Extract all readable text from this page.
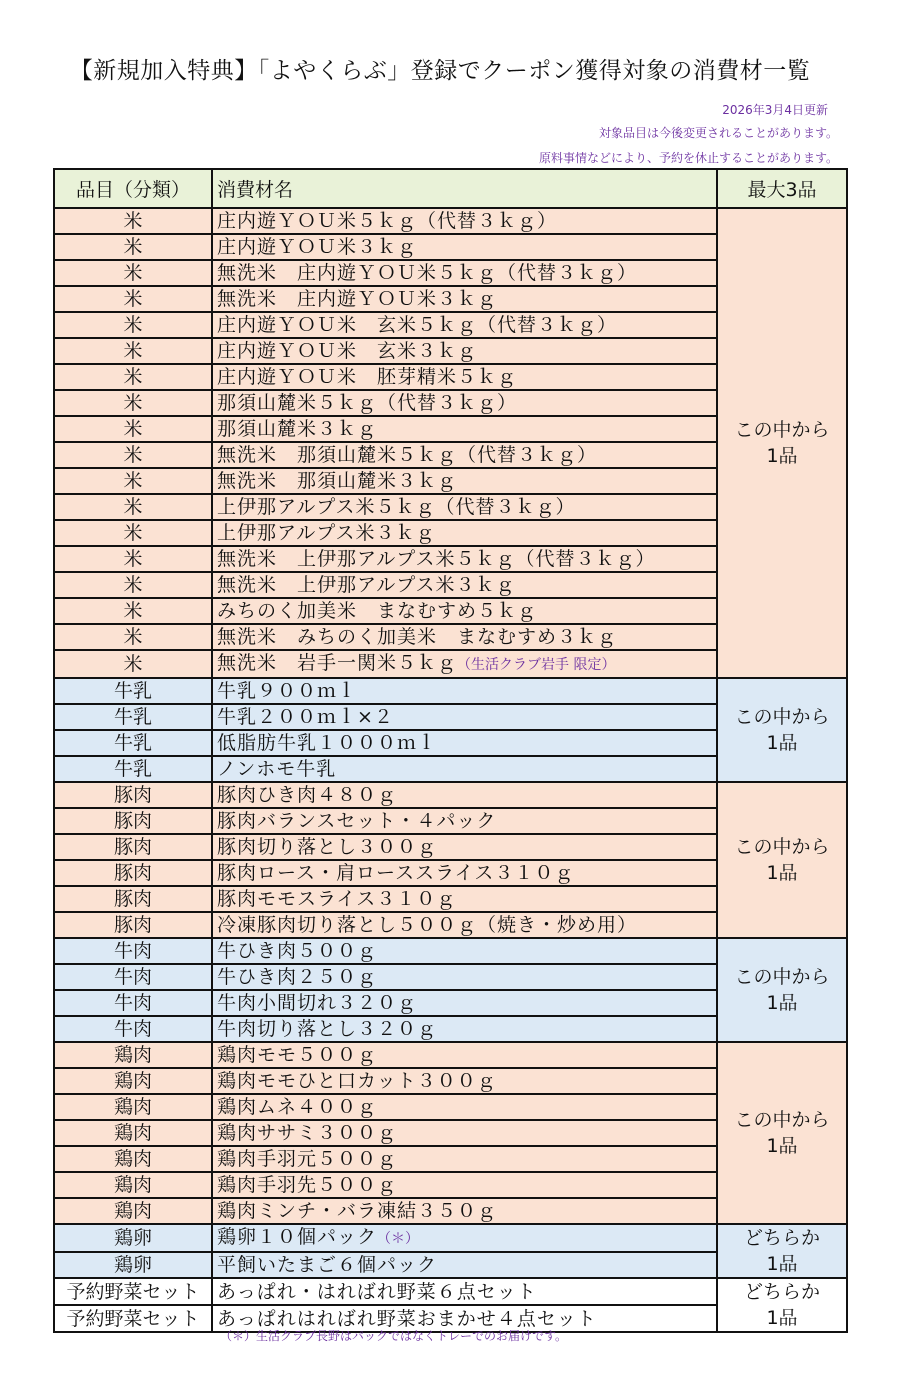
【新規加入特典】「よやくらぶ」登録でクーポン獲得対象の消費材一覧
2026年3月4日更新
対象品目は今後変更されることがあります。
原料事情などにより、予約を休止することがあります。
品目（分類）	消費材名	最大3品
米	庄内遊ＹＯＵ米５ｋｇ（代替３ｋｇ）	この中から
1品

米	庄内遊ＹＯＵ米３ｋｇ	
米	無洗米　庄内遊ＹＯＵ米５ｋｇ（代替３ｋｇ）	
米	無洗米　庄内遊ＹＯＵ米３ｋｇ	
米	庄内遊ＹＯＵ米　玄米５ｋｇ（代替３ｋｇ）	
米	庄内遊ＹＯＵ米　玄米３ｋｇ	
米	庄内遊ＹＯＵ米　胚芽精米５ｋｇ	
米	那須山麓米５ｋｇ（代替３ｋｇ）	
米	那須山麓米３ｋｇ	
米	無洗米　那須山麓米５ｋｇ（代替３ｋｇ）	
米	無洗米　那須山麓米３ｋｇ	
米	上伊那アルプス米５ｋｇ（代替３ｋｇ）	
米	上伊那アルプス米３ｋｇ	
米	無洗米　上伊那アルプス米５ｋｇ（代替３ｋｇ）	
米	無洗米　上伊那アルプス米３ｋｇ	
米	みちのく加美米　まなむすめ５ｋｇ	
米	無洗米　みちのく加美米　まなむすめ３ｋｇ	
米	無洗米　岩手一関米５ｋｇ（生活クラブ岩手 限定）	
牛乳	牛乳９００ｍｌ	この中から
1品

牛乳	牛乳２００ｍｌ×２	
牛乳	低脂肪牛乳１０００ｍｌ	
牛乳	ノンホモ牛乳	
豚肉	豚肉ひき肉４８０ｇ	この中から
1品

豚肉	豚肉バランスセット・４パック	
豚肉	豚肉切り落とし３００ｇ	
豚肉	豚肉ロース・肩ローススライス３１０ｇ	
豚肉	豚肉モモスライス３１０ｇ	
豚肉	冷凍豚肉切り落とし５００ｇ（焼き・炒め用）	
牛肉	牛ひき肉５００ｇ	この中から
1品

牛肉	牛ひき肉２５０ｇ	
牛肉	牛肉小間切れ３２０ｇ	
牛肉	牛肉切り落とし３２０ｇ	
鶏肉	鶏肉モモ５００ｇ	この中から
1品

鶏肉	鶏肉モモひと口カット３００ｇ	
鶏肉	鶏肉ムネ４００ｇ	
鶏肉	鶏肉ササミ３００ｇ	
鶏肉	鶏肉手羽元５００ｇ	
鶏肉	鶏肉手羽先５００ｇ	
鶏肉	鶏肉ミンチ・バラ凍結３５０ｇ	
鶏卵	鶏卵１０個パック（＊）	どちらか
1品

鶏卵	平飼いたまご６個パック	
予約野菜セット	あっぱれ・はればれ野菜６点セット	どちらか
1品

予約野菜セット	あっぱれはればれ野菜おまかせ４点セット	
（＊）生活クラブ長野はパックではなくトレーでのお届けです。
